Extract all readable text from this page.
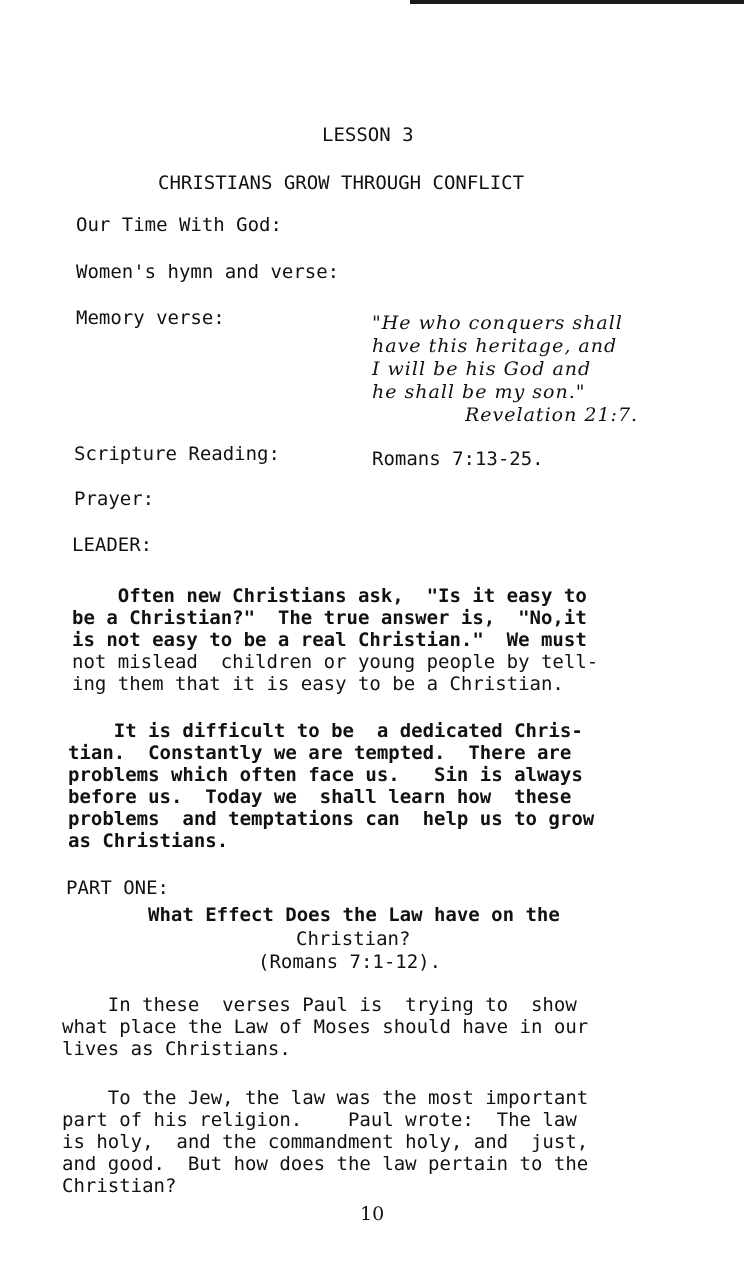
LESSON 3
CHRISTIANS GROW THROUGH CONFLICT
Our Time With God:
Women's hymn and verse:
Memory verse:	"He who conquers shall
have this heritage, and
I will be his God and
he shall be my son."
Revelation 21:7.
Scripture Reading:	Romans 7:13-25.
Prayer:
LEADER:
Often new Christians ask,  "Is it easy to
be a Christian?"  The true answer is,  "No,it
is not easy to be a real Christian."  We must
not mislead  children or young people by tell-
ing them that it is easy to be a Christian.
It is difficult to be  a dedicated Chris-
tian.  Constantly we are tempted.  There are
problems which often face us.   Sin is always
before us.  Today we  shall learn how  these
problems  and temptations can  help us to grow
as Christians.
PART ONE:
What Effect Does the Law have on the
Christian?
(Romans 7:1-12).
In these  verses Paul is  trying to  show
what place the Law of Moses should have in our
lives as Christians.
To the Jew, the law was the most important
part of his religion.    Paul wrote:  The law
is holy,  and the commandment holy, and  just,
and good.  But how does the law pertain to the
Christian?
10
